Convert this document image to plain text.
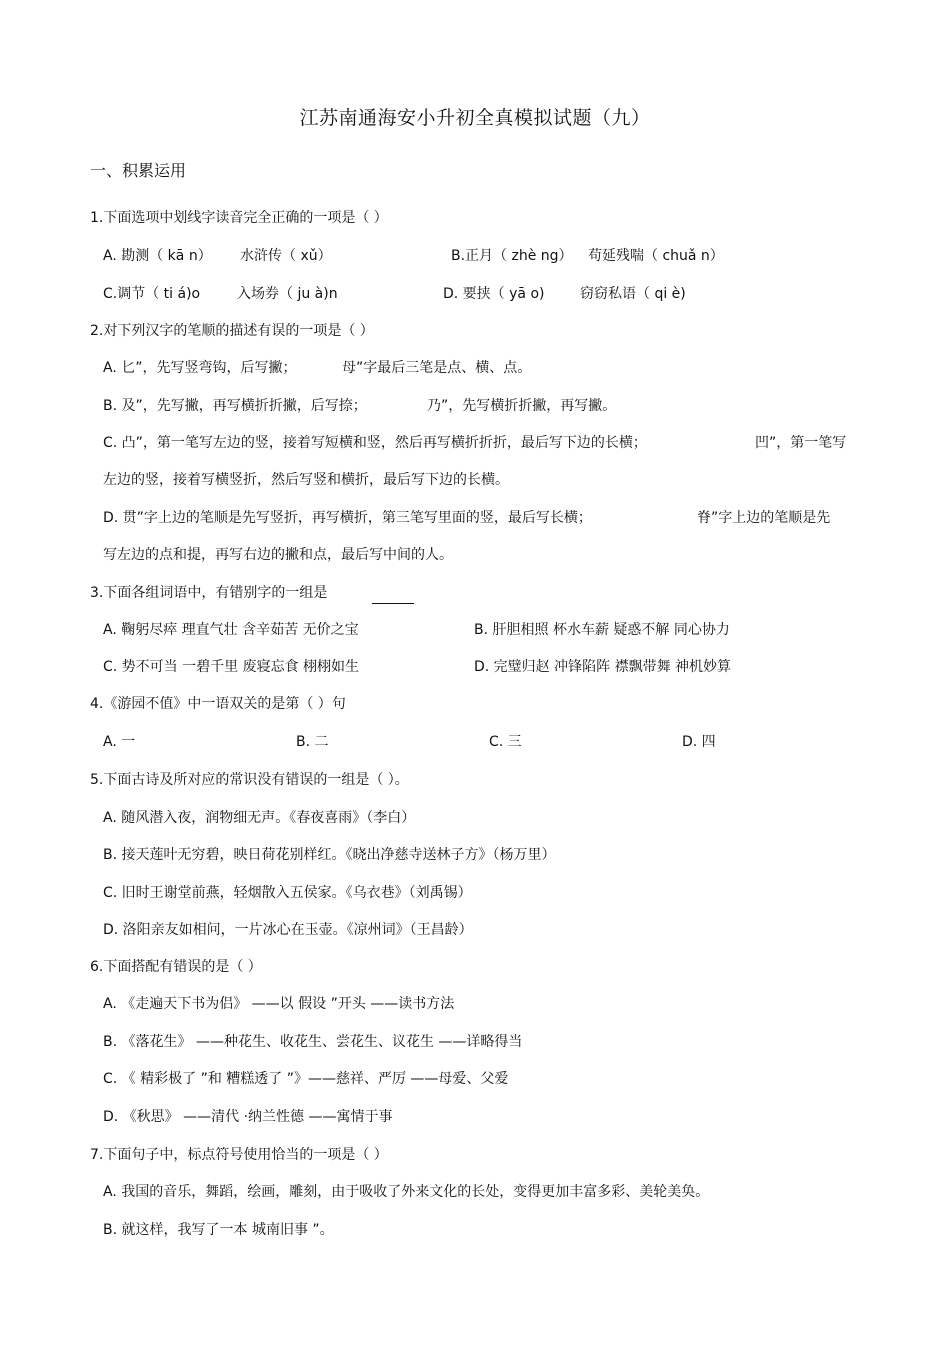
江苏南通海安小升初全真模拟试题（九）
一、积累运用
1.下面选项中划线字读音完全正确的一项是（ ）
A. 勘测（ kā n） 水浒传（ xǔ）	B.正月（ zhè ng） 苟延残喘（ chuǎ n）
C.调节（ ti á)o	入场券（ ju à)n	D. 要挟（ yā o)	窃窃私语（ qi è)
2.对下列汉字的笔顺的描述有误的一项是（ ）
A. 匕”，先写竖弯钩，后写撇；	母”字最后三笔是点、横、点。
B. 及”，先写撇，再写横折折撇，后写捺；	乃”，先写横折折撇，再写撇。
C. 凸”，第一笔写左边的竖，接着写短横和竖，然后再写横折折折，最后写下边的长横；	凹”，第一笔写
左边的竖，接着写横竖折，然后写竖和横折，最后写下边的长横。
D. 贯”字上边的笔顺是先写竖折，再写横折，第三笔写里面的竖，最后写长横；	脊”字上边的笔顺是先
写左边的点和提，再写右边的撇和点，最后写中间的人。
3.下面各组词语中，有错别字的一组是
A. 鞠躬尽瘁 理直气壮 含辛茹苦 无价之宝	B. 肝胆相照 杯水车薪 疑惑不解 同心协力
C. 势不可当 一碧千里 废寝忘食 栩栩如生	D. 完璧归赵 冲锋陷阵 襟飘带舞 神机妙算
4.《游园不值》中一语双关的是第（ ）句
A. 一	B. 二	C. 三	D. 四
5.下面古诗及所对应的常识没有错误的一组是（ ）。
A. 随风潜入夜，润物细无声。《春夜喜雨》（李白）
B. 接天莲叶无穷碧，映日荷花别样红。《晓出净慈寺送林子方》（杨万里）
C. 旧时王谢堂前燕，轻烟散入五侯家。《乌衣巷》（刘禹锡）
D. 洛阳亲友如相问，一片冰心在玉壶。《凉州词》（王昌龄）
6.下面搭配有错误的是（ ）
A. 《走遍天下书为侣》 ——以 假设 ”开头 ——读书方法
B. 《落花生》 ——种花生、收花生、尝花生、议花生 ——详略得当
C. 《 精彩极了 ”和 糟糕透了 ”》——慈祥、严厉 ——母爱、父爱
D. 《秋思》 ——清代 ·纳兰性德 ——寓情于事
7.下面句子中，标点符号使用恰当的一项是（ ）
A. 我国的音乐，舞蹈，绘画，雕刻，由于吸收了外来文化的长处，变得更加丰富多彩、美轮美奂。
B. 就这样，我写了一本 城南旧事 ”。
